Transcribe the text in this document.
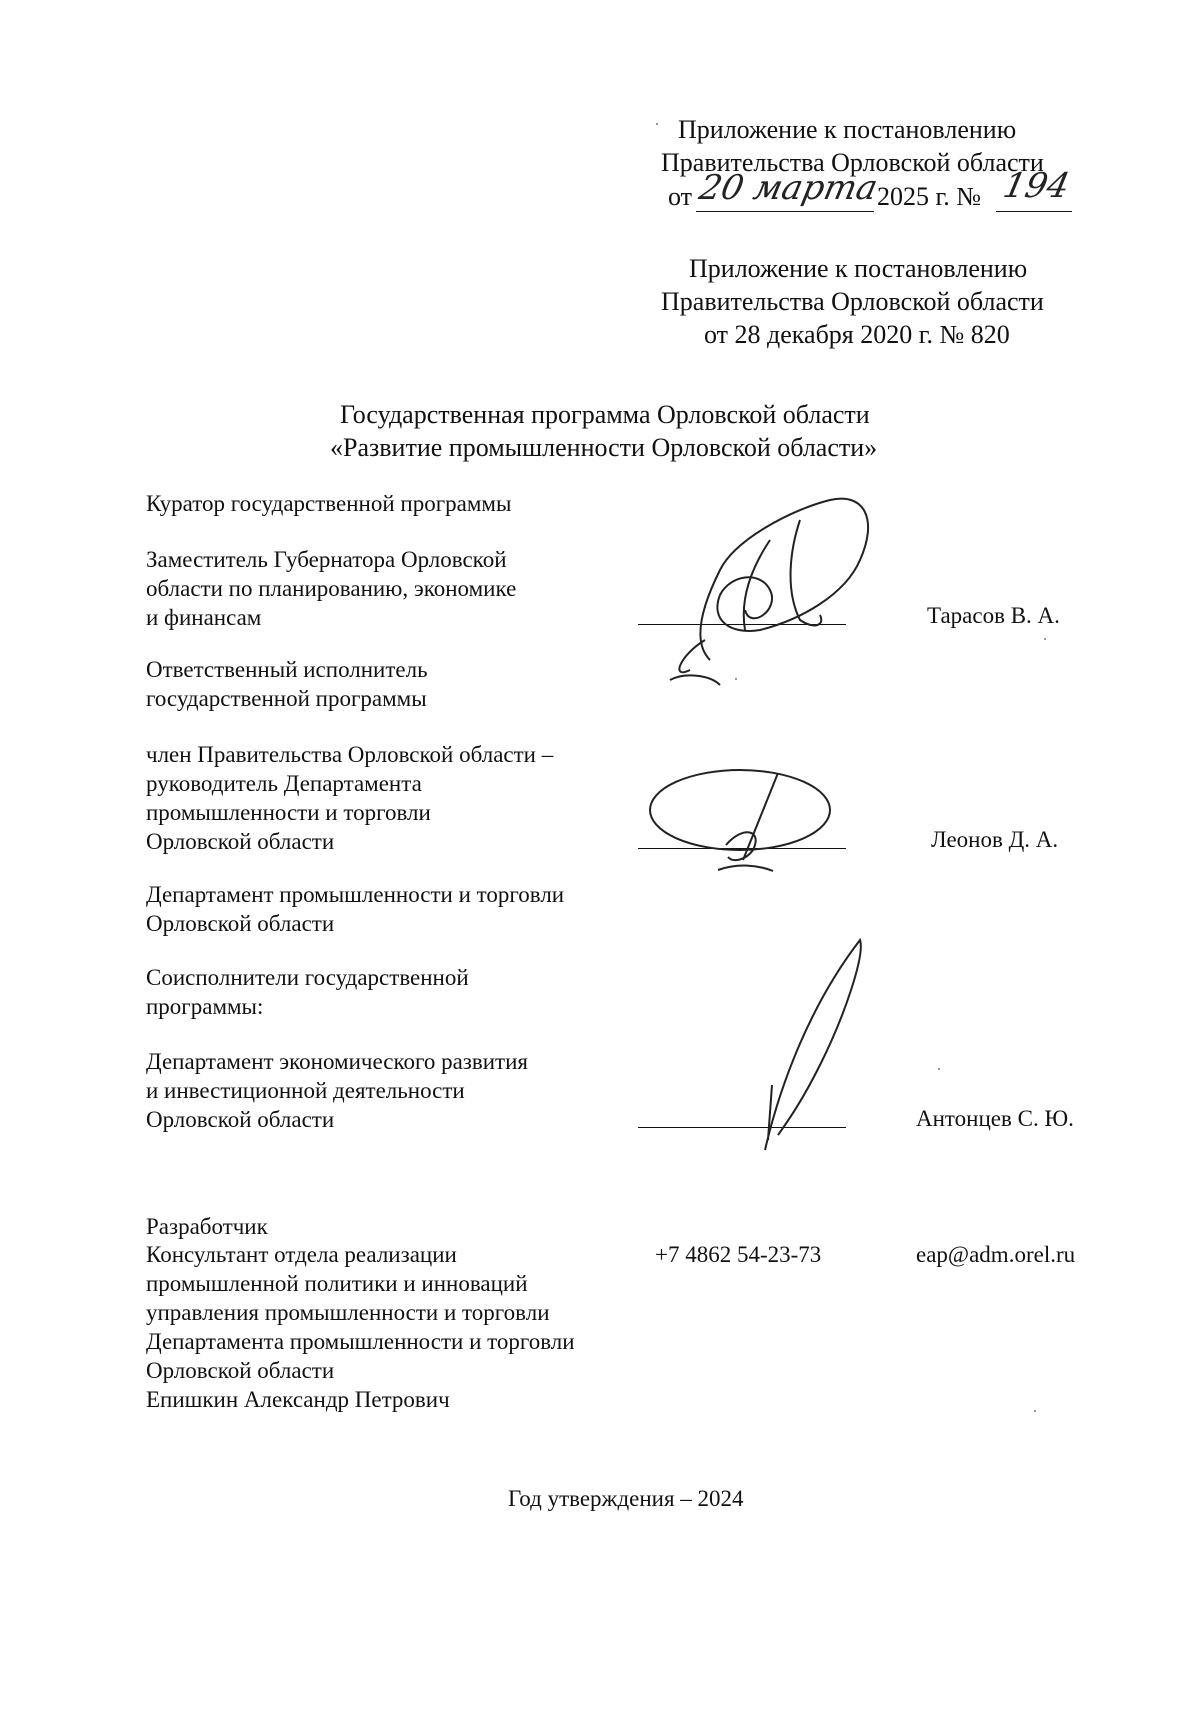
Приложение к постановлению
Правительства Орловской области
от 20 марта
2025 г. № 194
Приложение к постановлению
Правительства Орловской области
от 28 декабря 2020 г. № 820
Государственная программа Орловской области
«Развитие промышленности Орловской области»
Куратор государственной программы
Заместитель Губернатора Орловской
области по планированию, экономике
и финансам	Тарасов В. А.
Ответственный исполнитель
государственной программы
член Правительства Орловской области –
руководитель Департамента
промышленности и торговли
Орловской области	Леонов Д. А.
Департамент промышленности и торговли
Орловской области
Соисполнители государственной
программы:
Департамент экономического развития
и инвестиционной деятельности
Орловской области	Антонцев С. Ю.
Разработчик
Консультант отдела реализации
промышленной политики и инноваций
управления промышленности и торговли
Департамента промышленности и торговли
Орловской области
Епишкин Александр Петрович
+7 4862 54-23-73	eap@adm.orel.ru
Год утверждения – 2024
